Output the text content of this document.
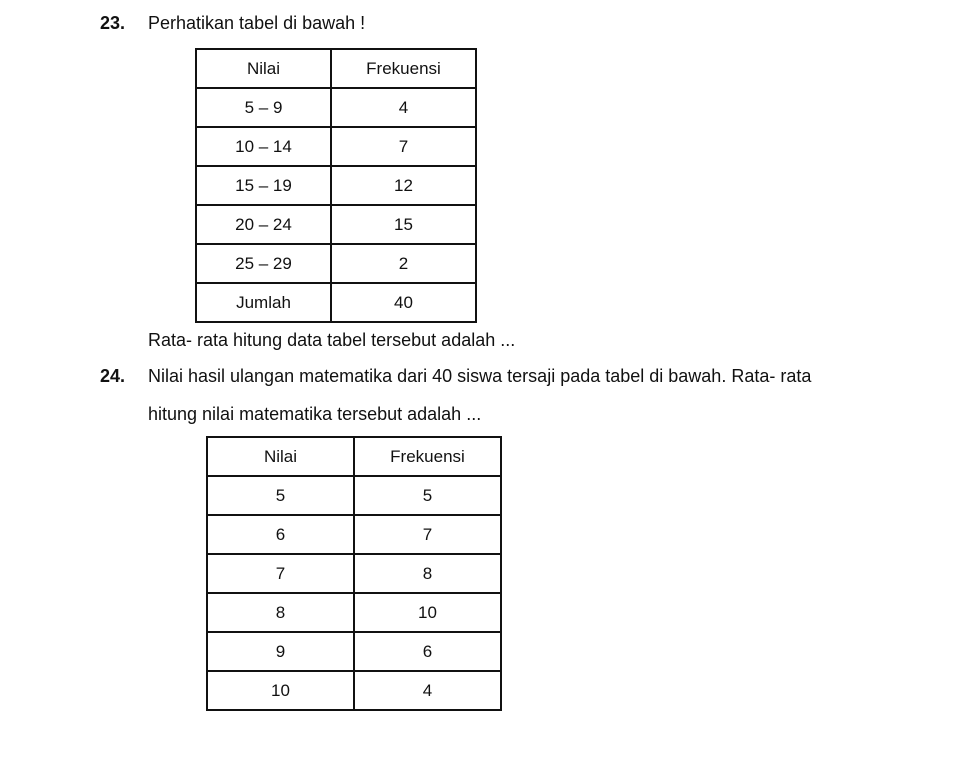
23. Perhatikan tabel di bawah !
Nilai	Frekuensi
5 – 9	4
10 – 14	7
15 – 19	12
20 – 24	15
25 – 29	2
Jumlah	40
Rata- rata hitung data tabel tersebut adalah ...
24. Nilai hasil ulangan matematika dari 40 siswa tersaji pada tabel di bawah. Rata- rata
hitung nilai matematika tersebut adalah ...
Nilai	Frekuensi
5	5
6	7
7	8
8	10
9	6
10	4
